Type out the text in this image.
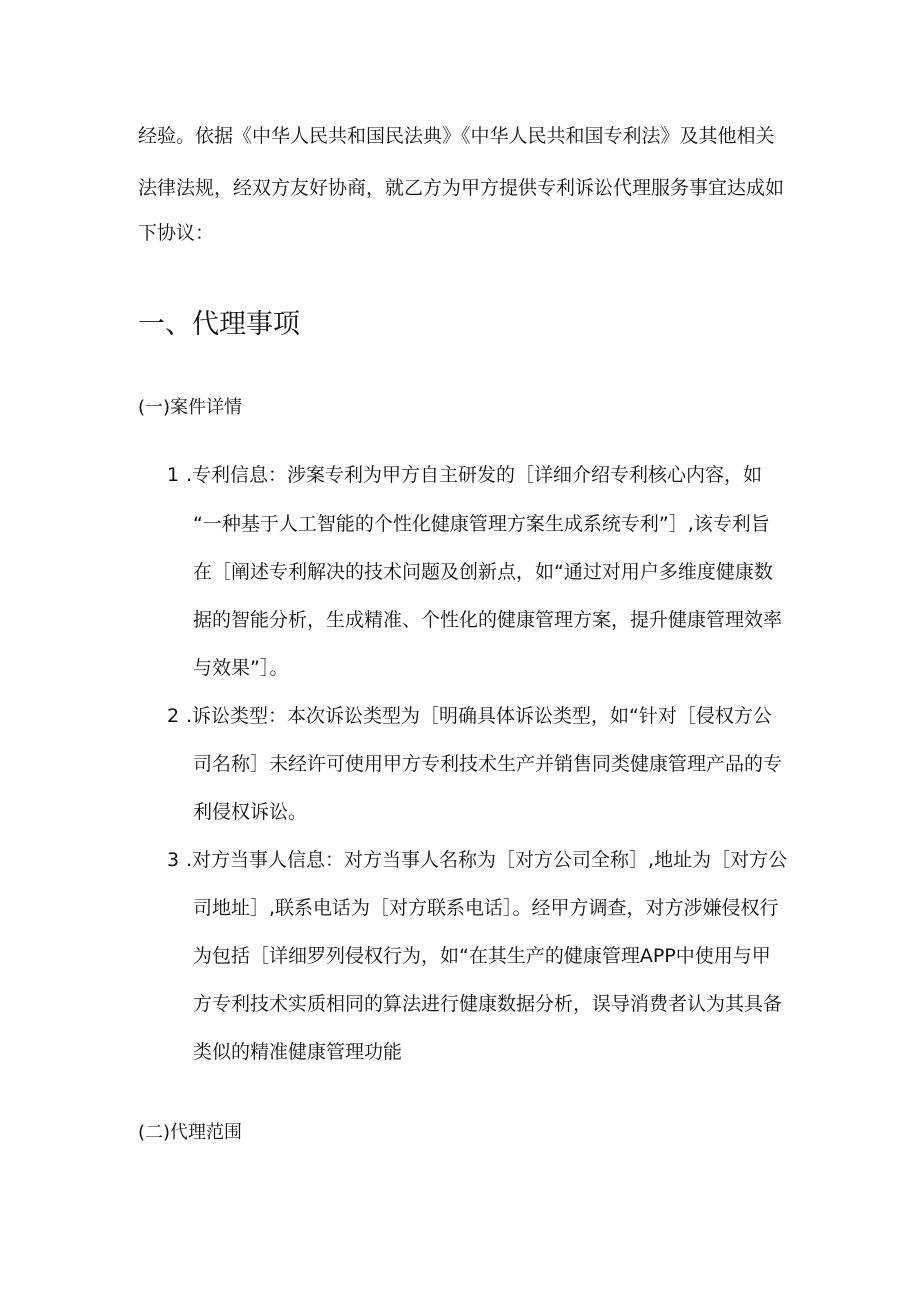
经验。依据《中华人民共和国民法典》《中华人民共和国专利法》及其他相关
法律法规，经双方友好协商，就乙方为甲方提供专利诉讼代理服务事宜达成如
下协议：
一、代理事项
(一)案件详情
1 .专利信息：涉案专利为甲方自主研发的［详细介绍专利核心内容，如
“一种基于人工智能的个性化健康管理方案生成系统专利”］,该专利旨
在［阐述专利解决的技术问题及创新点，如“通过对用户多维度健康数
据的智能分析，生成精准、个性化的健康管理方案，提升健康管理效率
与效果”］。
2 .诉讼类型：本次诉讼类型为［明确具体诉讼类型，如“针对［侵权方公
司名称］未经许可使用甲方专利技术生产并销售同类健康管理产品的专
利侵权诉讼。
3 .对方当事人信息：对方当事人名称为［对方公司全称］,地址为［对方公
司地址］,联系电话为［对方联系电话］。经甲方调查，对方涉嫌侵权行
为包括［详细罗列侵权行为，如“在其生产的健康管理APP中使用与甲
方专利技术实质相同的算法进行健康数据分析，误导消费者认为其具备
类似的精准健康管理功能
(二)代理范围
